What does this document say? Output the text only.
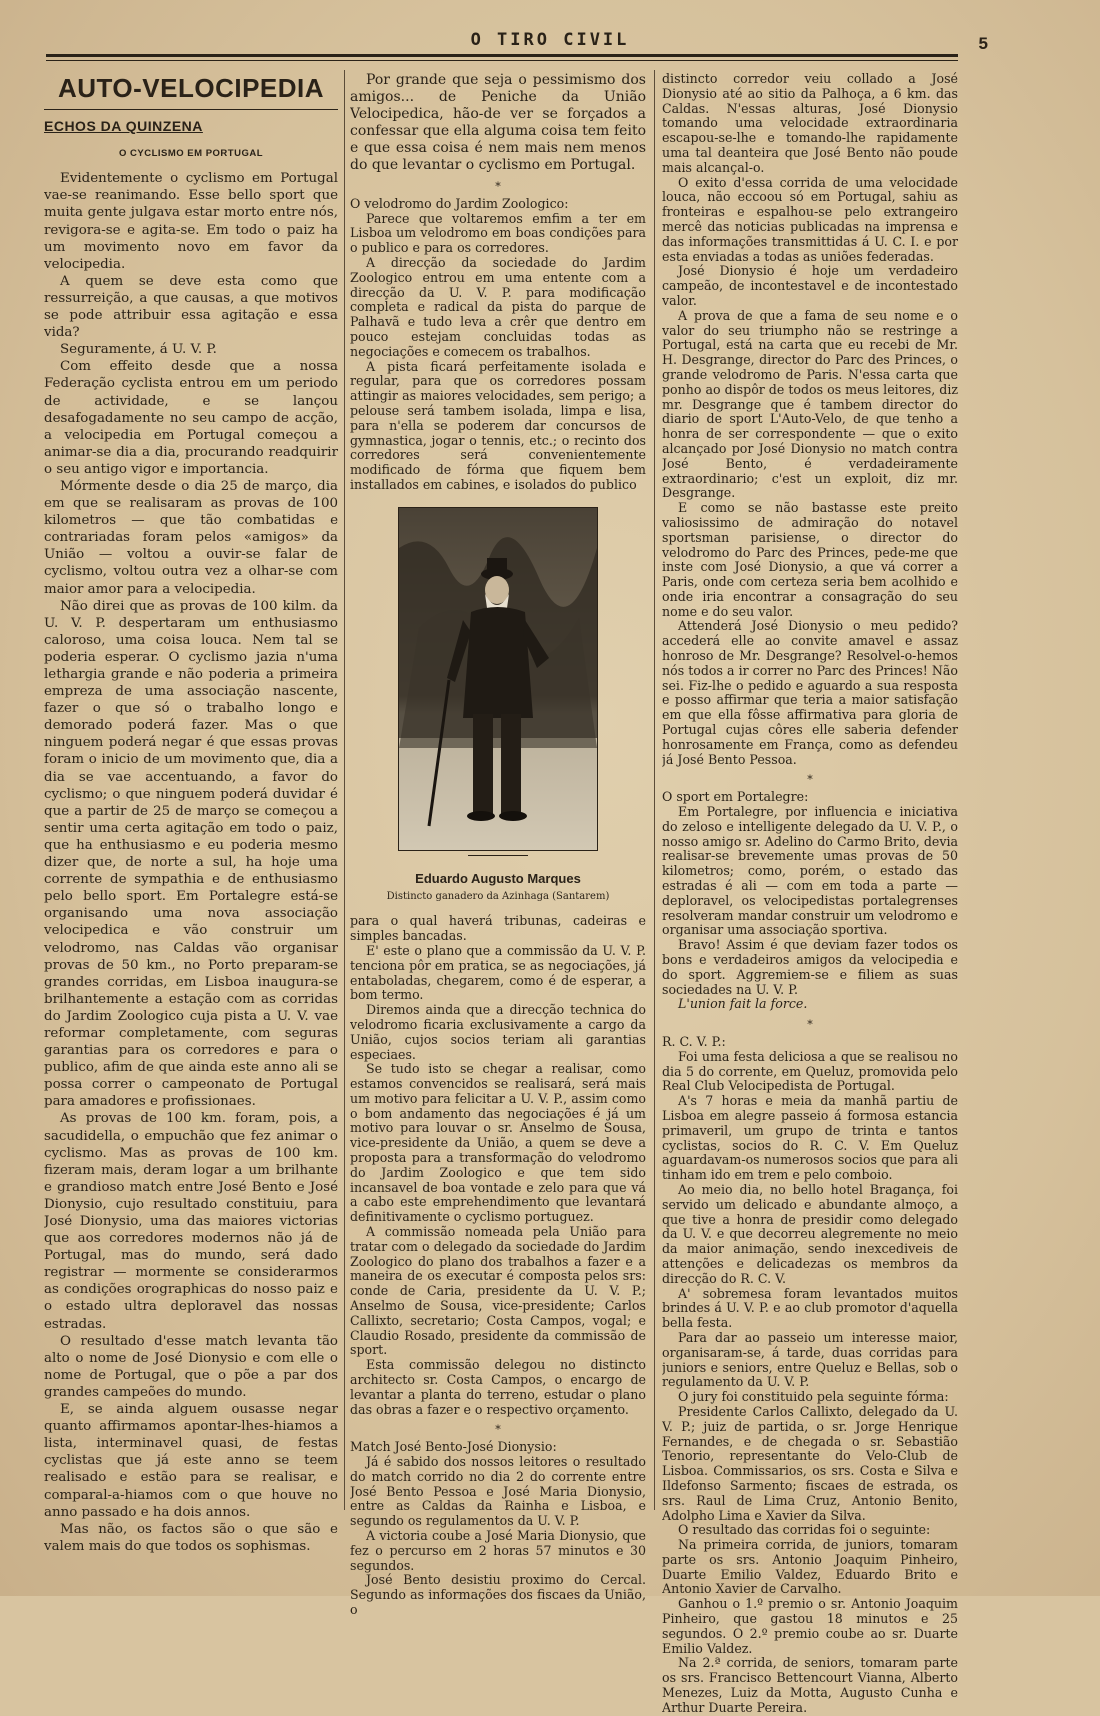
O TIRO CIVIL	5
AUTO-VELOCIPEDIA
ECHOS DA QUINZENA
O CYCLISMO EM PORTUGAL

Evidentemente o cyclismo em Portugal vae-se reanimando. Esse bello sport que muita gente julgava estar morto entre nós, revigora-se e agita-se. Em todo o paiz ha um movimento novo em favor da velocipedia.

A quem se deve esta como que ressurreição, a que causas, a que motivos se pode attribuir essa agitação e essa vida?

Seguramente, á U. V. P.

Com effeito desde que a nossa Federação cyclista entrou em um periodo de actividade, e se lançou desafogadamente no seu campo de acção, a velocipedia em Portugal começou a animar-se dia a dia, procurando readquirir o seu antigo vigor e importancia.

Mórmente desde o dia 25 de março, dia em que se realisaram as provas de 100 kilometros — que tão combatidas e contrariadas foram pelos «amigos» da União — voltou a ouvir-se falar de cyclismo, voltou outra vez a olhar-se com maior amor para a velocipedia.

Não direi que as provas de 100 kilm. da U. V. P. despertaram um enthusiasmo caloroso, uma coisa louca. Nem tal se poderia esperar. O cyclismo jazia n'uma lethargia grande e não poderia a primeira empreza de uma associação nascente, fazer o que só o trabalho longo e demorado poderá fazer. Mas o que ninguem poderá negar é que essas provas foram o inicio de um movimento que, dia a dia se vae accentuando, a favor do cyclismo; o que ninguem poderá duvidar é que a partir de 25 de março se começou a sentir uma certa agitação em todo o paiz, que ha enthusiasmo e eu poderia mesmo dizer que, de norte a sul, ha hoje uma corrente de sympathia e de enthusiasmo pelo bello sport. Em Portalegre está-se organisando uma nova associação velocipedica e vão construir um velodromo, nas Caldas vão organisar provas de 50 km., no Porto preparam-se grandes corridas, em Lisboa inaugura-se brilhantemente a estação com as corridas do Jardim Zoologico cuja pista a U. V. vae reformar completamente, com seguras garantias para os corredores e para o publico, afim de que ainda este anno ali se possa correr o campeonato de Portugal para amadores e profissionaes.

As provas de 100 km. foram, pois, a sacudidella, o empuchão que fez animar o cyclismo. Mas as provas de 100 km. fizeram mais, deram logar a um brilhante e grandioso match entre José Bento e José Dionysio, cujo resultado constituiu, para José Dionysio, uma das maiores victorias que aos corredores modernos não já de Portugal, mas do mundo, será dado registrar — mormente se considerarmos as condições orographicas do nosso paiz e o estado ultra deploravel das nossas estradas.

O resultado d'esse match levanta tão alto o nome de José Dionysio e com elle o nome de Portugal, que o põe a par dos grandes campeões do mundo.

E, se ainda alguem ousasse negar quanto affirmamos apontar-lhes-hiamos a lista, interminavel quasi, de festas cyclistas que já este anno se teem realisado e estão para se realisar, e comparal-a-hiamos com o que houve no anno passado e ha dois annos.

Mas não, os factos são o que são e valem mais do que todos os sophismas.

Por grande que seja o pessimismo dos amigos... de Peniche da União Velocipedica, hão-de ver se forçados a confessar que ella alguma coisa tem feito e que essa coisa é nem mais nem menos do que levantar o cyclismo em Portugal.

*

O velodromo do Jardim Zoologico:

Parece que voltaremos emfim a ter em Lisboa um velodromo em boas condições para o publico e para os corredores.

A direcção da sociedade do Jardim Zoologico entrou em uma entente com a direcção da U. V. P. para modificação completa e radical da pista do parque de Palhavã e tudo leva a crêr que dentro em pouco estejam concluidas todas as negociações e comecem os trabalhos.

A pista ficará perfeitamente isolada e regular, para que os corredores possam attingir as maiores velocidades, sem perigo; a pelouse será tambem isolada, limpa e lisa, para n'ella se poderem dar concursos de gymnastica, jogar o tennis, etc.; o recinto dos corredores será convenientemente modificado de fórma que fiquem bem installados em cabines, e isolados do publico

Eduardo Augusto Marques
Distincto ganadero da Azinhaga (Santarem)

para o qual haverá tribunas, cadeiras e simples bancadas.

E' este o plano que a commissão da U. V. P. tenciona pôr em pratica, se as negociações, já entaboladas, chegarem, como é de esperar, a bom termo.

Diremos ainda que a direcção technica do velodromo ficaria exclusivamente a cargo da União, cujos socios teriam ali garantias especiaes.

Se tudo isto se chegar a realisar, como estamos convencidos se realisará, será mais um motivo para felicitar a U. V. P., assim como o bom andamento das negociações é já um motivo para louvar o sr. Anselmo de Sousa, vice-presidente da União, a quem se deve a proposta para a transformação do velodromo do Jardim Zoologico e que tem sido incansavel de boa vontade e zelo para que vá a cabo este emprehendimento que levantará definitivamente o cyclismo portuguez.

A commissão nomeada pela União para tratar com o delegado da sociedade do Jardim Zoologico do plano dos trabalhos a fazer e a maneira de os executar é composta pelos srs: conde de Caria, presidente da U. V. P.; Anselmo de Sousa, vice-presidente; Carlos Callixto, secretario; Costa Campos, vogal; e Claudio Rosado, presidente da commissão de sport.

Esta commissão delegou no distincto architecto sr. Costa Campos, o encargo de levantar a planta do terreno, estudar o plano das obras a fazer e o respectivo orçamento.

*

Match José Bento-José Dionysio:

Já é sabido dos nossos leitores o resultado do match corrido no dia 2 do corrente entre José Bento Pessoa e José Maria Dionysio, entre as Caldas da Rainha e Lisboa, e segundo os regulamentos da U. V. P.

A victoria coube a José Maria Dionysio, que fez o percurso em 2 horas 57 minutos e 30 segundos.

José Bento desistiu proximo do Cercal. Segundo as informações dos fiscaes da União, o

distincto corredor veiu collado a José Dionysio até ao sitio da Palhoça, a 6 km. das Caldas. N'essas alturas, José Dionysio tomando uma velocidade extraordinaria escapou-se-lhe e tomando-lhe rapidamente uma tal deanteira que José Bento não poude mais alcançal-o.

O exito d'essa corrida de uma velocidade louca, não eccoou só em Portugal, sahiu as fronteiras e espalhou-se pelo extrangeiro mercê das noticias publicadas na imprensa e das informações transmittidas á U. C. I. e por esta enviadas a todas as uniões federadas.

José Dionysio é hoje um verdadeiro campeão, de incontestavel e de incontestado valor.

A prova de que a fama de seu nome e o valor do seu triumpho não se restringe a Portugal, está na carta que eu recebi de Mr. H. Desgrange, director do Parc des Princes, o grande velodromo de Paris. N'essa carta que ponho ao dispôr de todos os meus leitores, diz mr. Desgrange que é tambem director do diario de sport L'Auto-Velo, de que tenho a honra de ser correspondente — que o exito alcançado por José Dionysio no match contra José Bento, é verdadeiramente extraordinario; c'est un exploit, diz mr. Desgrange.

E como se não bastasse este preito valiosissimo de admiração do notavel sportsman parisiense, o director do velodromo do Parc des Princes, pede-me que inste com José Dionysio, a que vá correr a Paris, onde com certeza seria bem acolhido e onde iria encontrar a consagração do seu nome e do seu valor.

Attenderá José Dionysio o meu pedido? accederá elle ao convite amavel e assaz honroso de Mr. Desgrange? Resolvel-o-hemos nós todos a ir correr no Parc des Princes! Não sei. Fiz-lhe o pedido e aguardo a sua resposta e posso affirmar que teria a maior satisfação em que ella fôsse affirmativa para gloria de Portugal cujas côres elle saberia defender honrosamente em França, como as defendeu já José Bento Pessoa.

*

O sport em Portalegre:

Em Portalegre, por influencia e iniciativa do zeloso e intelligente delegado da U. V. P., o nosso amigo sr. Adelino do Carmo Brito, devia realisar-se brevemente umas provas de 50 kilometros; como, porém, o estado das estradas é ali — com em toda a parte — deploravel, os velocipedistas portalegrenses resolveram mandar construir um velodromo e organisar uma associação sportiva.

Bravo! Assim é que deviam fazer todos os bons e verdadeiros amigos da velocipedia e do sport. Aggremiem-se e filiem as suas sociedades na U. V. P.

L'union fait la force.

*

R. C. V. P.:

Foi uma festa deliciosa a que se realisou no dia 5 do corrente, em Queluz, promovida pelo Real Club Velocipedista de Portugal.

A's 7 horas e meia da manhã partiu de Lisboa em alegre passeio á formosa estancia primaveril, um grupo de trinta e tantos cyclistas, socios do R. C. V. Em Queluz aguardavam-os numerosos socios que para ali tinham ido em trem e pelo comboio.

Ao meio dia, no bello hotel Bragança, foi servido um delicado e abundante almoço, a que tive a honra de presidir como delegado da U. V. e que decorreu alegremente no meio da maior animação, sendo inexcediveis de attenções e delicadezas os membros da direcção do R. C. V.

A' sobremesa foram levantados muitos brindes á U. V. P. e ao club promotor d'aquella bella festa.

Para dar ao passeio um interesse maior, organisaram-se, á tarde, duas corridas para juniors e seniors, entre Queluz e Bellas, sob o regulamento da U. V. P.

O jury foi constituido pela seguinte fórma:

Presidente Carlos Callixto, delegado da U. V. P.; juiz de partida, o sr. Jorge Henrique Fernandes, e de chegada o sr. Sebastião Tenorio, representante do Velo-Club de Lisboa. Commissarios, os srs. Costa e Silva e Ildefonso Sarmento; fiscaes de estrada, os srs. Raul de Lima Cruz, Antonio Benito, Adolpho Lima e Xavier da Silva.

O resultado das corridas foi o seguinte:

Na primeira corrida, de juniors, tomaram parte os srs. Antonio Joaquim Pinheiro, Duarte Emilio Valdez, Eduardo Brito e Antonio Xavier de Carvalho.

Ganhou o 1.º premio o sr. Antonio Joaquim Pinheiro, que gastou 18 minutos e 25 segundos. O 2.º premio coube ao sr. Duarte Emilio Valdez.

Na 2.ª corrida, de seniors, tomaram parte os srs. Francisco Bettencourt Vianna, Alberto Menezes, Luiz da Motta, Augusto Cunha e Arthur Duarte Pereira.
